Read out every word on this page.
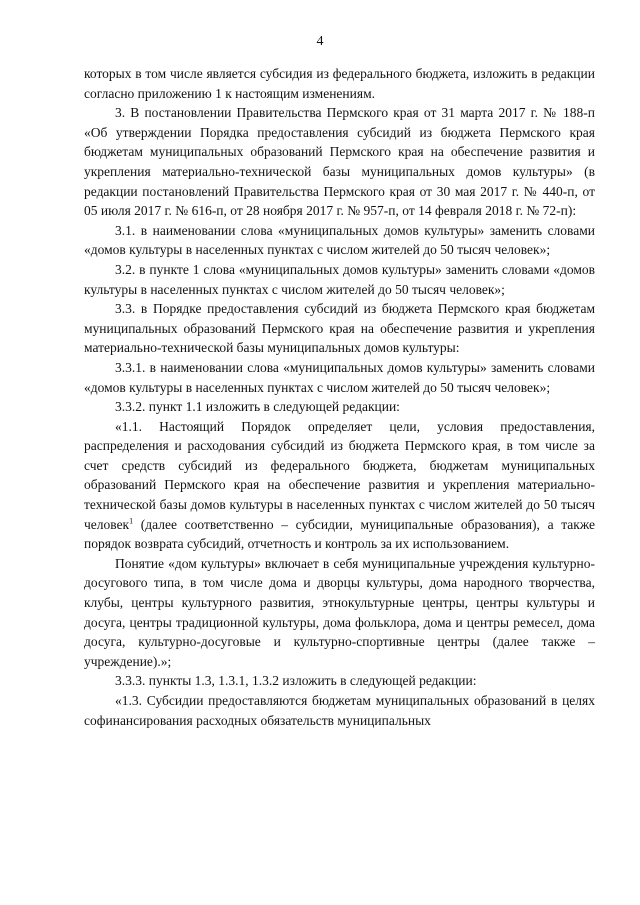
4

которых в том числе является субсидия из федерального бюджета, изложить в редакции согласно приложению 1 к настоящим изменениям.

3. В постановлении Правительства Пермского края от 31 марта 2017 г. № 188-п «Об утверждении Порядка предоставления субсидий из бюджета Пермского края бюджетам муниципальных образований Пермского края на обеспечение развития и укрепления материально-технической базы муниципальных домов культуры» (в редакции постановлений Правительства Пермского края от 30 мая 2017 г. № 440-п, от 05 июля 2017 г. № 616-п, от 28 ноября 2017 г. № 957-п, от 14 февраля 2018 г. № 72-п):

3.1. в наименовании слова «муниципальных домов культуры» заменить словами «домов культуры в населенных пунктах с числом жителей до 50 тысяч человек»;

3.2. в пункте 1 слова «муниципальных домов культуры» заменить словами «домов культуры в населенных пунктах с числом жителей до 50 тысяч человек»;

3.3. в Порядке предоставления субсидий из бюджета Пермского края бюджетам муниципальных образований Пермского края на обеспечение развития и укрепления материально-технической базы муниципальных домов культуры:

3.3.1. в наименовании слова «муниципальных домов культуры» заменить словами «домов культуры в населенных пунктах с числом жителей до 50 тысяч человек»;

3.3.2. пункт 1.1 изложить в следующей редакции:

«1.1. Настоящий Порядок определяет цели, условия предоставления, распределения и расходования субсидий из бюджета Пермского края, в том числе за счет средств субсидий из федерального бюджета, бюджетам муниципальных образований Пермского края на обеспечение развития и укрепления материально-технической базы домов культуры в населенных пунктах с числом жителей до 50 тысяч человек$^1$ (далее соответственно – субсидии, муниципальные образования), а также порядок возврата субсидий, отчетность и контроль за их использованием.

Понятие «дом культуры» включает в себя муниципальные учреждения культурно-досугового типа, в том числе дома и дворцы культуры, дома народного творчества, клубы, центры культурного развития, этнокультурные центры, центры культуры и досуга, центры традиционной культуры, дома фольклора, дома и центры ремесел, дома досуга, культурно-досуговые и культурно-спортивные центры (далее также – учреждение).»;

3.3.3. пункты 1.3, 1.3.1, 1.3.2 изложить в следующей редакции:

«1.3. Субсидии предоставляются бюджетам муниципальных образований в целях софинансирования расходных обязательств муниципальных
